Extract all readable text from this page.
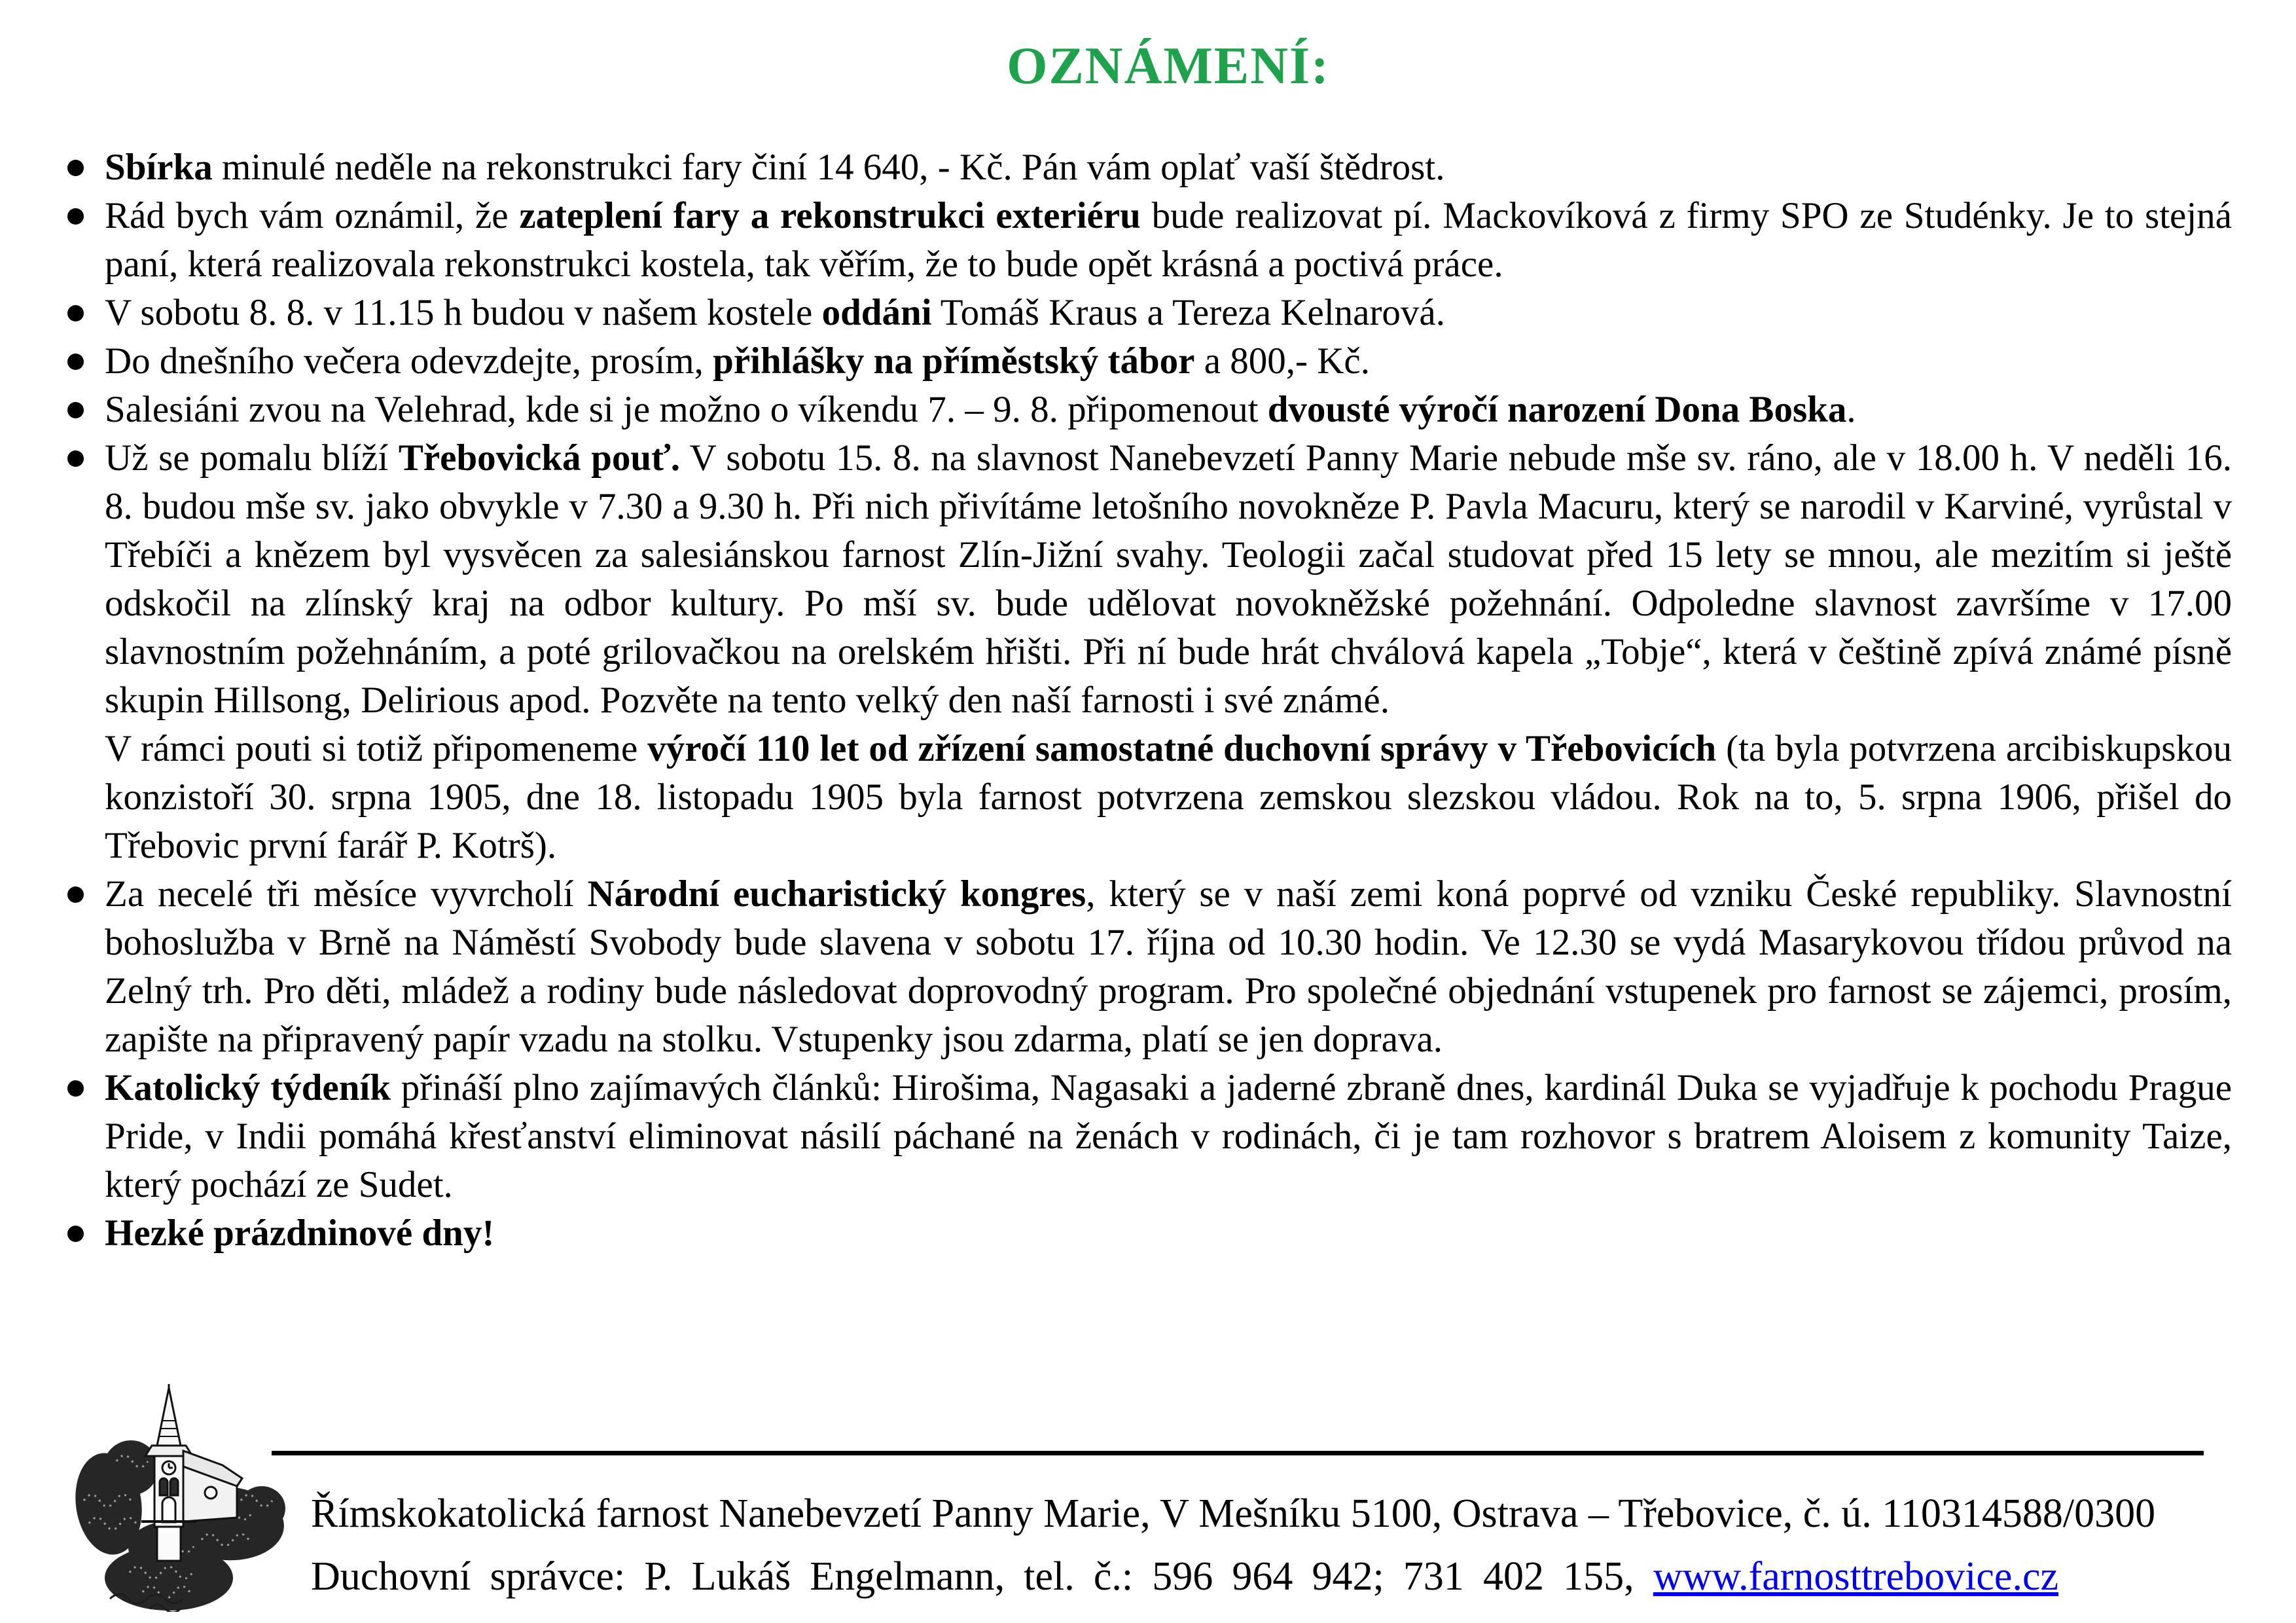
OZNÁMENÍ:

Sbírka minulé neděle na rekonstrukci fary činí 14 640, - Kč. Pán vám oplať vaší štědrost.

Rád bych vám oznámil, že zateplení fary a rekonstrukci exteriéru bude realizovat pí. Mackovíková z firmy SPO ze Studénky. Je to stejná paní, která realizovala rekonstrukci kostela, tak věřím, že to bude opět krásná a poctivá práce.

V sobotu 8. 8. v 11.15 h budou v našem kostele oddáni Tomáš Kraus a Tereza Kelnarová.

Do dnešního večera odevzdejte, prosím, přihlášky na příměstský tábor a 800,- Kč.

Salesiáni zvou na Velehrad, kde si je možno o víkendu 7. – 9. 8. připomenout dvousté výročí narození Dona Boska.

Už se pomalu blíží Třebovická pouť. V sobotu 15. 8. na slavnost Nanebevzetí Panny Marie nebude mše sv. ráno, ale v 18.00 h. V neděli 16. 8. budou mše sv. jako obvykle v 7.30 a 9.30 h. Při nich přivítáme letošního novokněze P. Pavla Macuru, který se narodil v Karviné, vyrůstal v Třebíči a knězem byl vysvěcen za salesiánskou farnost Zlín-Jižní svahy. Teologii začal studovat před 15 lety se mnou, ale mezitím si ještě odskočil na zlínský kraj na odbor kultury. Po mší sv. bude udělovat novokněžské požehnání. Odpoledne slavnost završíme v 17.00 slavnostním požehnáním, a poté grilovačkou na orelském hřišti. Při ní bude hrát chválová kapela „Tobje“, která v češtině zpívá známé písně skupin Hillsong, Delirious apod. Pozvěte na tento velký den naší farnosti i své známé.

V rámci pouti si totiž připomeneme výročí 110 let od zřízení samostatné duchovní správy v Třebovicích (ta byla potvrzena arcibiskupskou konzistoří 30. srpna 1905, dne 18. listopadu 1905 byla farnost potvrzena zemskou slezskou vládou. Rok na to, 5. srpna 1906, přišel do Třebovic první farář P. Kotrš).

Za necelé tři měsíce vyvrcholí Národní eucharistický kongres, který se v naší zemi koná poprvé od vzniku České republiky. Slavnostní bohoslužba v Brně na Náměstí Svobody bude slavena v sobotu 17. října od 10.30 hodin. Ve 12.30 se vydá Masarykovou třídou průvod na Zelný trh. Pro děti, mládež a rodiny bude následovat doprovodný program. Pro společné objednání vstupenek pro farnost se zájemci, prosím, zapište na připravený papír vzadu na stolku. Vstupenky jsou zdarma, platí se jen doprava.

Katolický týdeník přináší plno zajímavých článků: Hirošima, Nagasaki a jaderné zbraně dnes, kardinál Duka se vyjadřuje k pochodu Prague Pride, v Indii pomáhá křesťanství eliminovat násilí páchané na ženách v rodinách, či je tam rozhovor s bratrem Aloisem z komunity Taize, který pochází ze Sudet.

Hezké prázdninové dny!

Římskokatolická farnost Nanebevzetí Panny Marie, V Mešníku 5100, Ostrava – Třebovice, č. ú. 110314588/0300

Duchovní správce: P. Lukáš Engelmann, tel. č.: 596 964 942; 731 402 155, www.farnosttrebovice.cz
